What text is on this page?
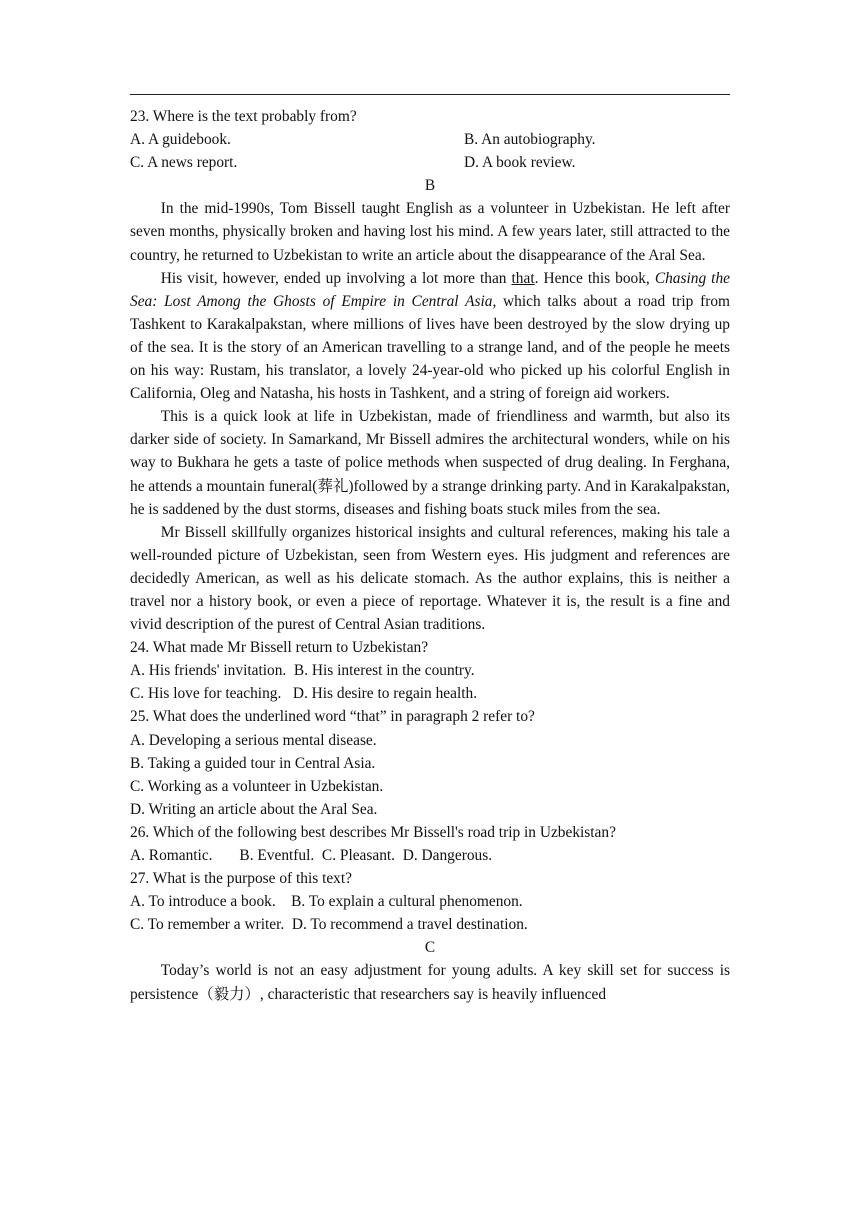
23. Where is the text probably from?
A. A guidebook.	B. An autobiography.
C. A news report.	D. A book review.
B
In the mid-1990s, Tom Bissell taught English as a volunteer in Uzbekistan. He left after seven months, physically broken and having lost his mind. A few years later, still attracted to the country, he returned to Uzbekistan to write an article about the disappearance of the Aral Sea.
His visit, however, ended up involving a lot more than that. Hence this book, Chasing the Sea: Lost Among the Ghosts of Empire in Central Asia, which talks about a road trip from Tashkent to Karakalpakstan, where millions of lives have been destroyed by the slow drying up of the sea. It is the story of an American travelling to a strange land, and of the people he meets on his way: Rustam, his translator, a lovely 24-year-old who picked up his colorful English in California, Oleg and Natasha, his hosts in Tashkent, and a string of foreign aid workers.
This is a quick look at life in Uzbekistan, made of friendliness and warmth, but also its darker side of society. In Samarkand, Mr Bissell admires the architectural wonders, while on his way to Bukhara he gets a taste of police methods when suspected of drug dealing. In Ferghana, he attends a mountain funeral(葬礼)followed by a strange drinking party. And in Karakalpakstan, he is saddened by the dust storms, diseases and fishing boats stuck miles from the sea.
Mr Bissell skillfully organizes historical insights and cultural references, making his tale a well-rounded picture of Uzbekistan, seen from Western eyes. His judgment and references are decidedly American, as well as his delicate stomach. As the author explains, this is neither a travel nor a history book, or even a piece of reportage. Whatever it is, the result is a fine and vivid description of the purest of Central Asian traditions.
24. What made Mr Bissell return to Uzbekistan?
A. His friends' invitation.  B. His interest in the country.
C. His love for teaching.   D. His desire to regain health.
25. What does the underlined word “that” in paragraph 2 refer to?
A. Developing a serious mental disease.
B. Taking a guided tour in Central Asia.
C. Working as a volunteer in Uzbekistan.
D. Writing an article about the Aral Sea.
26. Which of the following best describes Mr Bissell's road trip in Uzbekistan?
A. Romantic.       B. Eventful.  C. Pleasant.  D. Dangerous.
27. What is the purpose of this text?
A. To introduce a book.    B. To explain a cultural phenomenon.
C. To remember a writer.  D. To recommend a travel destination.
C
Today’s world is not an easy adjustment for young adults. A key skill set for success is persistence（毅力）, characteristic that researchers say is heavily influenced
